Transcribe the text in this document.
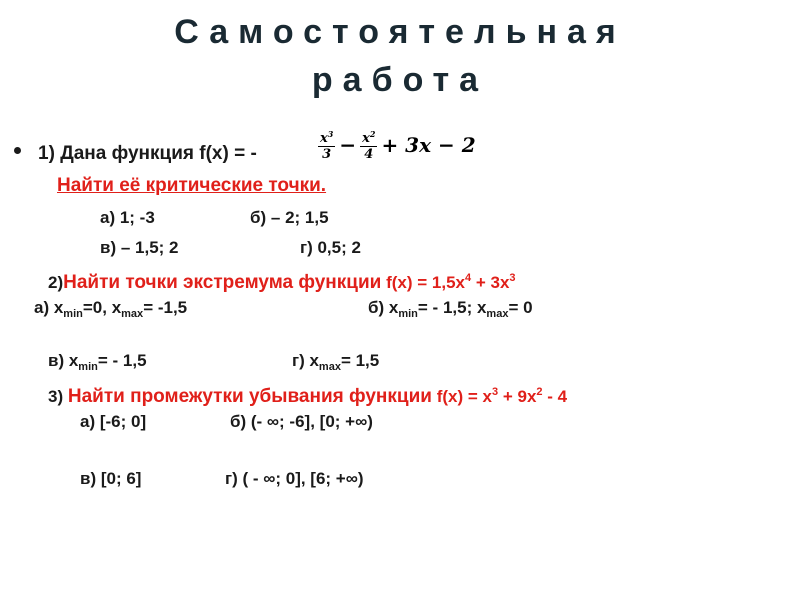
Самостоятельная
работа
1) Дана функция f(x) = -	$\frac{x^3}{3} - \frac{x^2}{4} + 3x - 2$
Найти её критические точки.
а) 1; -3	б) – 2; 1,5
в) – 1,5; 2	г) 0,5; 2
2)Найти точки экстремума функции $f(x) = 1,5x^4 + 3x^3$
а) $x_{min}=0$, $x_{max}= -1,5$	б) $x_{min}= - 1,5$; $x_{max}= 0$
в) $x_{min}= - 1,5$	г) $x_{max}= 1,5$
3) Найти промежутки убывания функции $f(x) = x^3 + 9x^2 - 4$
а) [-6; 0]	б) (- ∞; -6], [0; +∞)
в) [0; 6]	г) ( - ∞; 0], [6; +∞)
